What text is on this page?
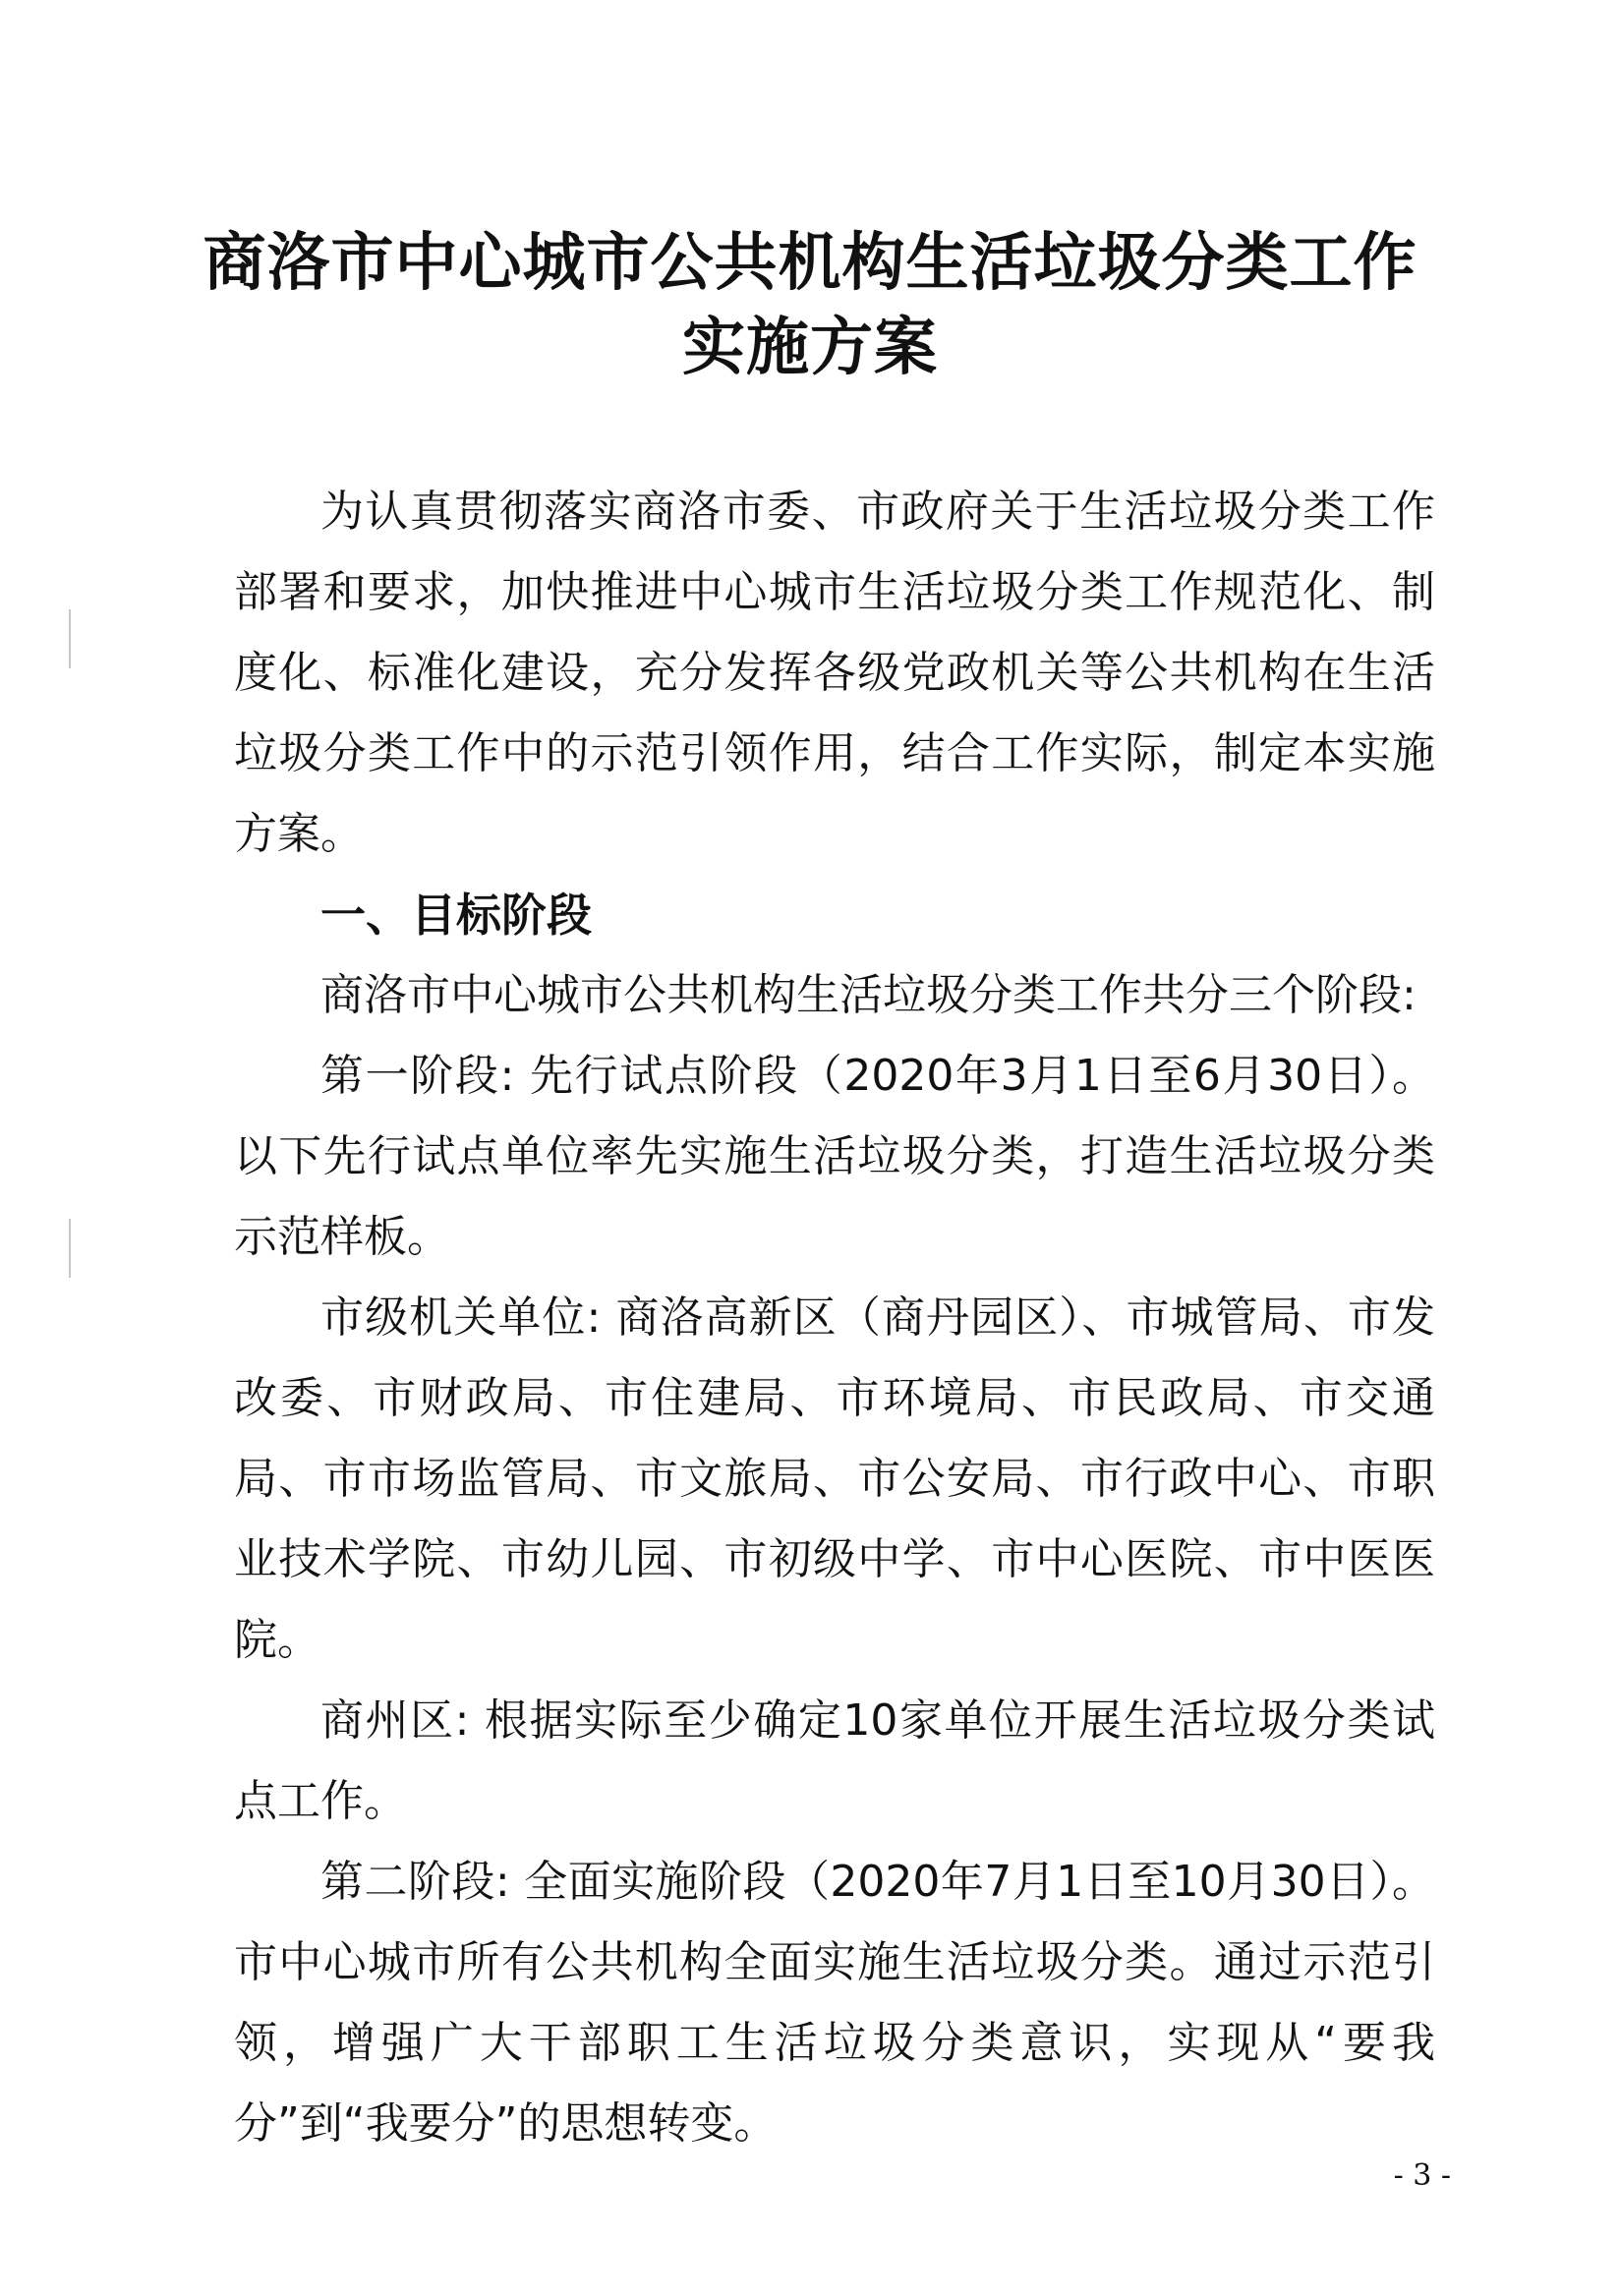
商洛市中心城市公共机构生活垃圾分类工作
实施方案

为认真贯彻落实商洛市委、市政府关于生活垃圾分类工作部署和要求，加快推进中心城市生活垃圾分类工作规范化、制度化、标准化建设，充分发挥各级党政机关等公共机构在生活垃圾分类工作中的示范引领作用，结合工作实际，制定本实施方案。

一、目标阶段

商洛市中心城市公共机构生活垃圾分类工作共分三个阶段:

第一阶段: 先行试点阶段（2020年3月1日至6月30日）。以下先行试点单位率先实施生活垃圾分类，打造生活垃圾分类示范样板。

市级机关单位: 商洛高新区（商丹园区）、市城管局、市发改委、市财政局、市住建局、市环境局、市民政局、市交通局、市市场监管局、市文旅局、市公安局、市行政中心、市职业技术学院、市幼儿园、市初级中学、市中心医院、市中医医院。

商州区: 根据实际至少确定10家单位开展生活垃圾分类试点工作。

第二阶段: 全面实施阶段（2020年7月1日至10月30日）。市中心城市所有公共机构全面实施生活垃圾分类。通过示范引领，增强广大干部职工生活垃圾分类意识，实现从“要我分”到“我要分”的思想转变。

- 3 -
